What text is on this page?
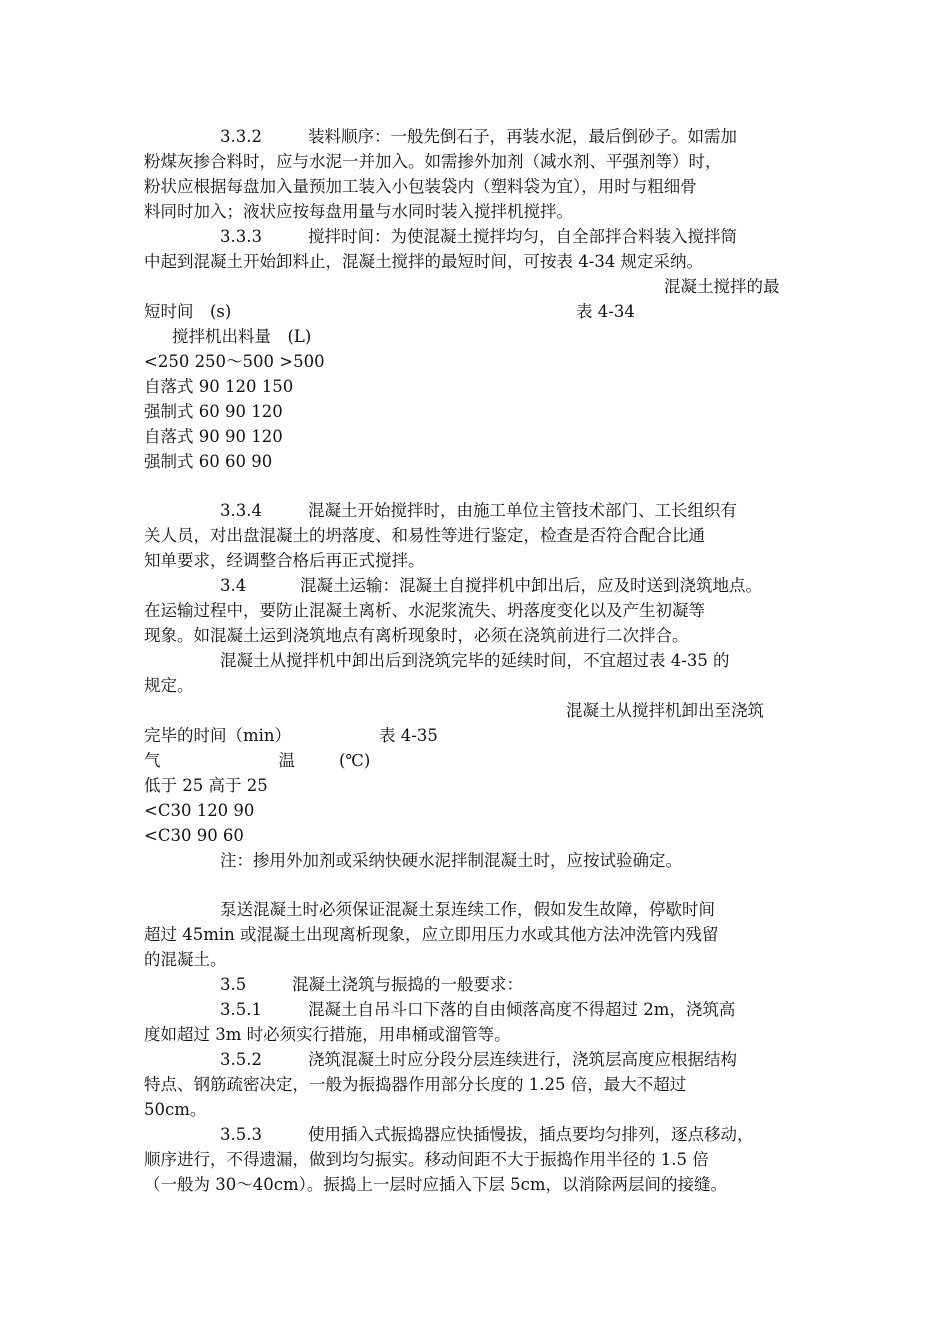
3.3.2	装料顺序：一般先倒石子，再装水泥，最后倒砂子。如需加
粉煤灰掺合料时，应与水泥一并加入。如需掺外加剂（减水剂、平强剂等）时，
粉状应根据每盘加入量预加工装入小包装袋内（塑料袋为宜），用时与粗细骨
料同时加入；液状应按每盘用量与水同时装入搅拌机搅拌。
3.3.3	搅拌时间：为使混凝土搅拌均匀，自全部拌合料装入搅拌筒
中起到混凝土开始卸料止，混凝土搅拌的最短时间，可按表 4-34 规定采纳。
混凝土搅拌的最
短时间　(s)	表 4-34
搅拌机出料量　(L)
<250 250～500 >500
自落式 90 120 150
强制式 60 90 120
自落式 90 90 120
强制式 60 60 90
3.3.4	混凝土开始搅拌时，由施工单位主管技术部门、工长组织有
关人员，对出盘混凝土的坍落度、和易性等进行鉴定，检查是否符合配合比通
知单要求，经调整合格后再正式搅拌。
3.4	混凝土运输：混凝土自搅拌机中卸出后，应及时送到浇筑地点。
在运输过程中，要防止混凝土离析、水泥浆流失、坍落度变化以及产生初凝等
现象。如混凝土运到浇筑地点有离析现象时，必须在浇筑前进行二次拌合。
混凝土从搅拌机中卸出后到浇筑完毕的延续时间，不宜超过表 4-35 的
规定。
混凝土从搅拌机卸出至浇筑
完毕的时间（min）	表 4-35
气	温	(℃)
低于 25 高于 25
<C30 120 90
<C30 90 60
注：掺用外加剂或采纳快硬水泥拌制混凝土时，应按试验确定。
泵送混凝土时必须保证混凝土泵连续工作，假如发生故障，停歇时间
超过 45min 或混凝土出现离析现象，应立即用压力水或其他方法冲洗管内残留
的混凝土。
3.5	混凝土浇筑与振捣的一般要求：
3.5.1	混凝土自吊斗口下落的自由倾落高度不得超过 2m，浇筑高
度如超过 3m 时必须实行措施，用串桶或溜管等。
3.5.2	浇筑混凝土时应分段分层连续进行，浇筑层高度应根据结构
特点、钢筋疏密决定，一般为振捣器作用部分长度的 1.25 倍，最大不超过
50cm。
3.5.3	使用插入式振捣器应快插慢拔，插点要均匀排列，逐点移动，
顺序进行，不得遗漏，做到均匀振实。移动间距不大于振捣作用半径的 1.5 倍
（一般为 30～40cm）。振捣上一层时应插入下层 5cm，以消除两层间的接缝。
